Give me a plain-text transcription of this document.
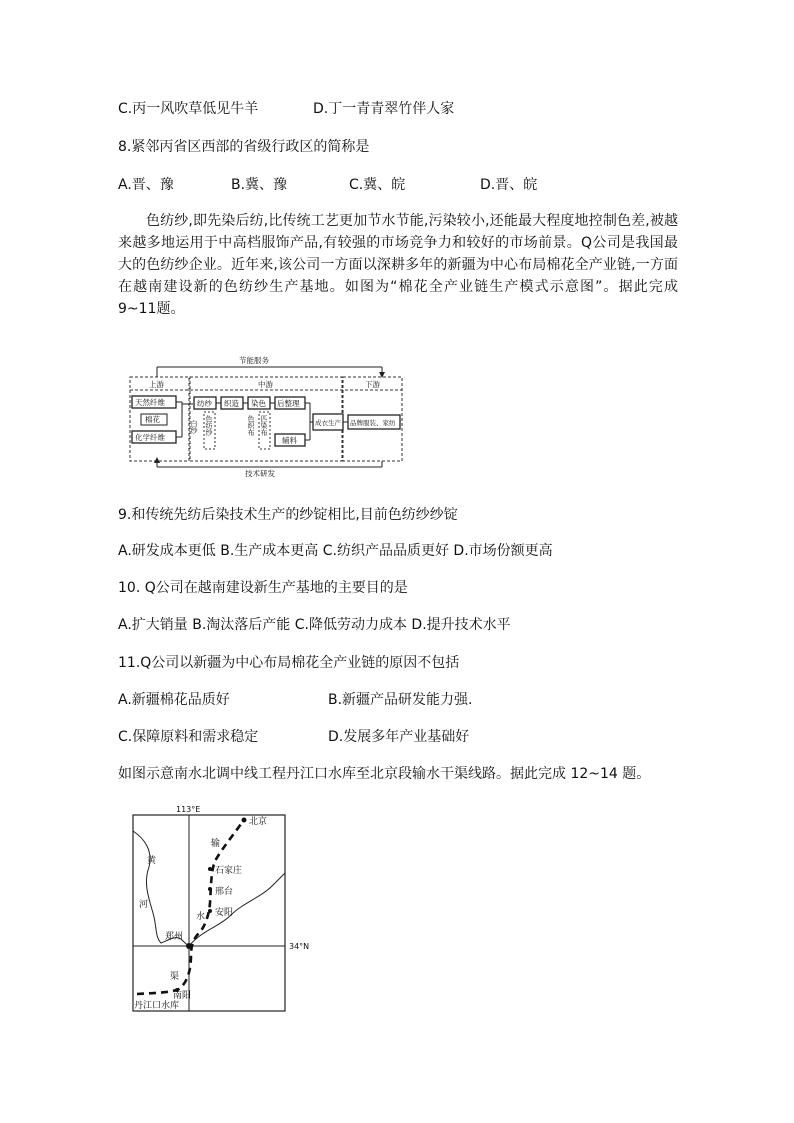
C.丙一风吹草低见牛羊	D.丁一青青翠竹伴人家
8.紧邻丙省区西部的省级行政区的简称是
A.晋、豫	B.冀、豫	C.冀、皖	D.晋、皖
色纺纱,即先染后纺,比传统工艺更加节水节能,污染较小,还能最大程度地控制色差,被越来越多地运用于中高档服饰产品,有较强的市场竞争力和较好的市场前景。Q公司是我国最大的色纺纱企业。近年来,该公司一方面以深耕多年的新疆为中心布局棉花全产业链,一方面在越南建设新的色纺纱生产基地。如图为“棉花全产业链生产模式示意图”。据此完成 9~11题。
节能服务
上游	中游	下游
天然纤维
棉花
化学纤维
纺纱 织造 染色 后整理
辅料
成衣生产
白纱 色纺纱	色织布 匹染布	品牌服装、家纺
技术研发
9.和传统先纺后染技术生产的纱锭相比,目前色纺纱纱锭
A.研发成本更低 B.生产成本更高 C.纺织产品品质更好 D.市场份额更高
10. Q公司在越南建设新生产基地的主要目的是
A.扩大销量 B.淘汰落后产能 C.降低劳动力成本 D.提升技术水平
11.Q公司以新疆为中心布局棉花全产业链的原因不包括
A.新疆棉花品质好	B.新疆产品研发能力强.
C.保障原料和需求稳定	D.发展多年产业基础好
如图示意南水北调中线工程丹江口水库至北京段输水干渠线路。据此完成 12~14 题。
113°E
34°N
黄
河
北京
石家庄
邢台
安阳
郑州
南阳
丹江口水库
输
水
渠
